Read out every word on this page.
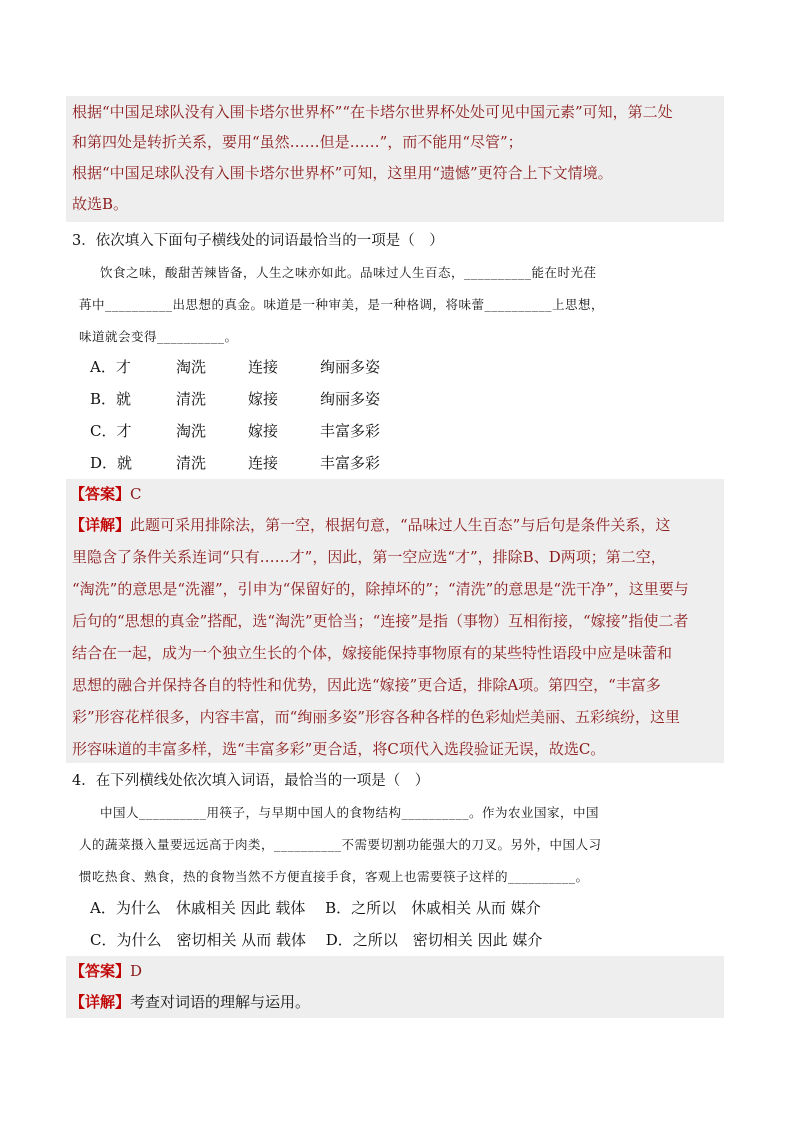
根据“中国足球队没有入围卡塔尔世界杯”“在卡塔尔世界杯处处可见中国元素”可知，第二处
和第四处是转折关系，要用“虽然……但是……”，而不能用“尽管”；
根据“中国足球队没有入围卡塔尔世界杯”可知，这里用“遗憾”更符合上下文情境。
故选B。
3．依次填入下面句子横线处的词语最恰当的一项是（　）
饮食之味，酸甜苦辣皆备，人生之味亦如此。品味过人生百态，__________能在时光荏
苒中__________出思想的真金。味道是一种审美，是一种格调，将味蕾__________上思想，
味道就会变得__________。
A．才	淘洗	连接	绚丽多姿
B．就	清洗	嫁接	绚丽多姿
C．才	淘洗	嫁接	丰富多彩
D．就	清洗	连接	丰富多彩
【答案】C
【详解】此题可采用排除法，第一空，根据句意，“品味过人生百态”与后句是条件关系，这
里隐含了条件关系连词“只有……才”，因此，第一空应选“才”，排除B、D两项；第二空，
“淘洗”的意思是“洗濯”，引申为“保留好的，除掉坏的”；“清洗”的意思是“洗干净”，这里要与
后句的“思想的真金”搭配，选“淘洗”更恰当；“连接”是指（事物）互相衔接，“嫁接”指使二者
结合在一起，成为一个独立生长的个体，嫁接能保持事物原有的某些特性语段中应是味蕾和
思想的融合并保持各自的特性和优势，因此选“嫁接”更合适，排除A项。第四空，“丰富多
彩”形容花样很多，内容丰富，而“绚丽多姿”形容各种各样的色彩灿烂美丽、五彩缤纷，这里
形容味道的丰富多样，选“丰富多彩”更合适，将C项代入选段验证无误，故选C。
4．在下列横线处依次填入词语，最恰当的一项是（　）
中国人__________用筷子，与早期中国人的食物结构__________。作为农业国家，中国
人的蔬菜摄入量要远远高于肉类，__________不需要切割功能强大的刀叉。另外，中国人习
惯吃热食、熟食，热的食物当然不方便直接手食，客观上也需要筷子这样的__________。
A．为什么　休戚相关 因此 载体　 B．之所以　休戚相关 从而 媒介
C．为什么　密切相关 从而 载体　 D．之所以　密切相关 因此 媒介
【答案】D
【详解】考查对词语的理解与运用。
